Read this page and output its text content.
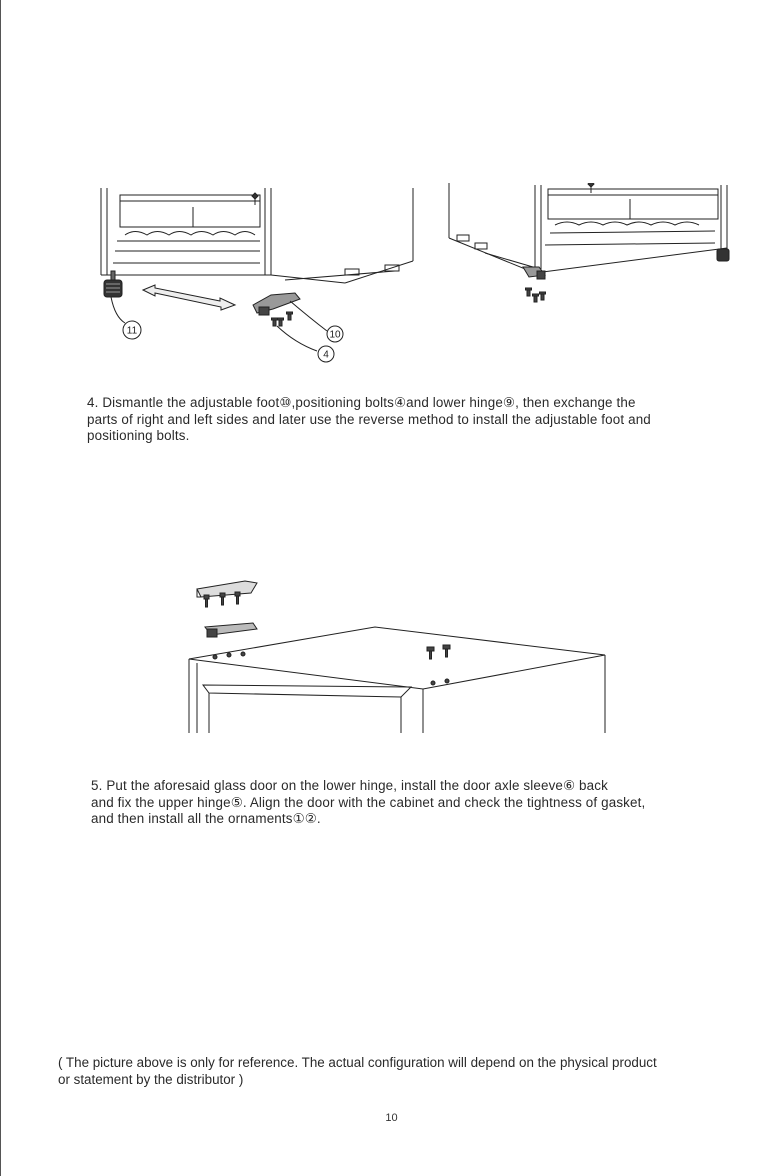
11	10
4

4. Dismantle the adjustable foot⑩,positioning bolts④and lower hinge⑨, then exchange the

parts of right and left sides and later use the reverse method to install the adjustable foot and

positioning bolts.

5. Put the aforesaid glass door on the lower hinge, install the door axle sleeve⑥ back

and fix the upper hinge⑤. Align the door with the cabinet and check the tightness of gasket,

and then install all the ornaments①②.

( The picture above is only for reference. The actual configuration will depend on the physical product

or statement by the distributor )

10
